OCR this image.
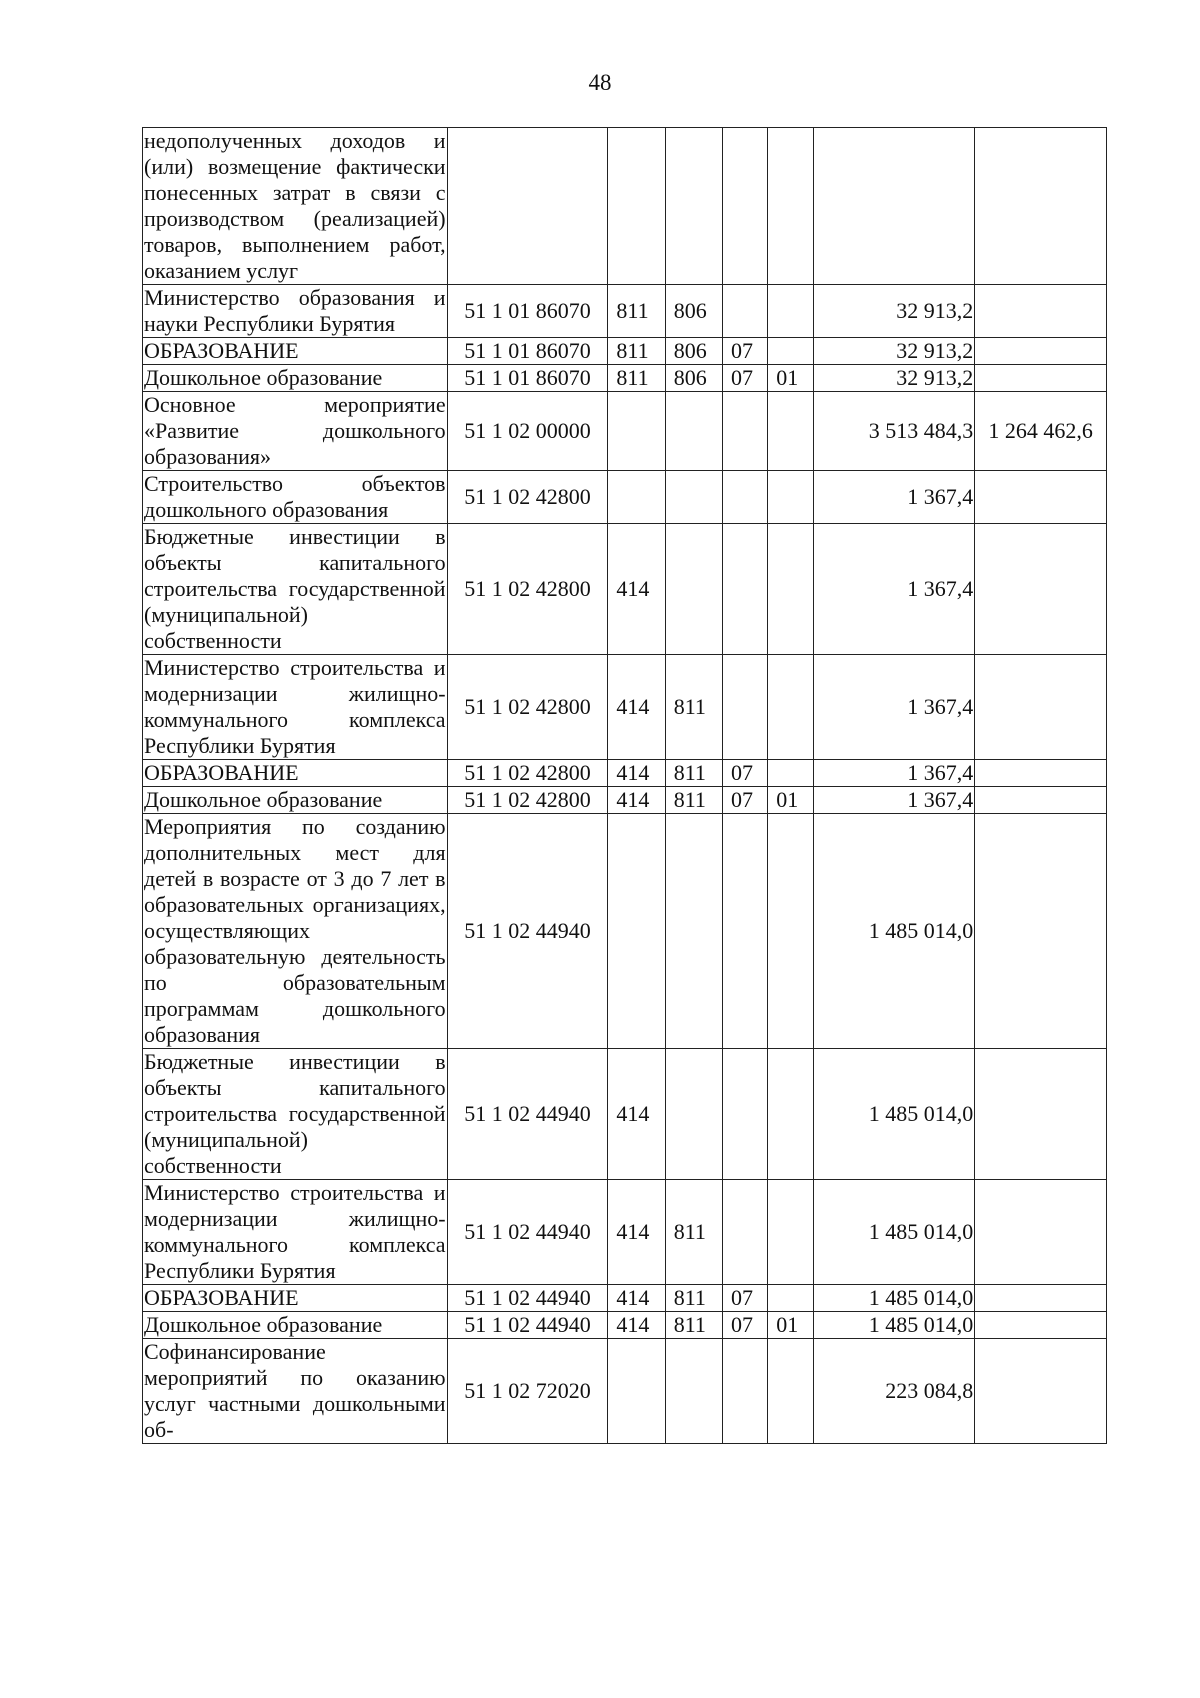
48
недополученных доходов и (или) возмещение фактически понесенных затрат в связи с производством (реализацией) товаров, выполнением работ, оказанием услуг							
Министерство образования и науки Республики Бурятия	51 1 01 86070	811	806			32 913,2	
ОБРАЗОВАНИЕ	51 1 01 86070	811	806	07		32 913,2	
Дошкольное образование	51 1 01 86070	811	806	07	01	32 913,2	
Основное мероприятие «Развитие дошкольного образования»	51 1 02 00000					3 513 484,3	1 264 462,6
Строительство объектов дошкольного образования	51 1 02 42800					1 367,4	
Бюджетные инвестиции в объекты капитального строительства государственной (муниципальной) собственности	51 1 02 42800	414				1 367,4	
Министерство строительства и модернизации жилищно-коммунального комплекса Республики Бурятия	51 1 02 42800	414	811			1 367,4	
ОБРАЗОВАНИЕ	51 1 02 42800	414	811	07		1 367,4	
Дошкольное образование	51 1 02 42800	414	811	07	01	1 367,4	
Мероприятия по созданию дополнительных мест для детей в возрасте от 3 до 7 лет в образовательных организациях, осуществляющих образовательную деятельность по образовательным программам дошкольного образования	51 1 02 44940					1 485 014,0	
Бюджетные инвестиции в объекты капитального строительства государственной (муниципальной) собственности	51 1 02 44940	414				1 485 014,0	
Министерство строительства и модернизации жилищно-коммунального комплекса Республики Бурятия	51 1 02 44940	414	811			1 485 014,0	
ОБРАЗОВАНИЕ	51 1 02 44940	414	811	07		1 485 014,0	
Дошкольное образование	51 1 02 44940	414	811	07	01	1 485 014,0	
Софинансирование мероприятий по оказанию услуг частными дошкольными об-	51 1 02 72020					223 084,8	
